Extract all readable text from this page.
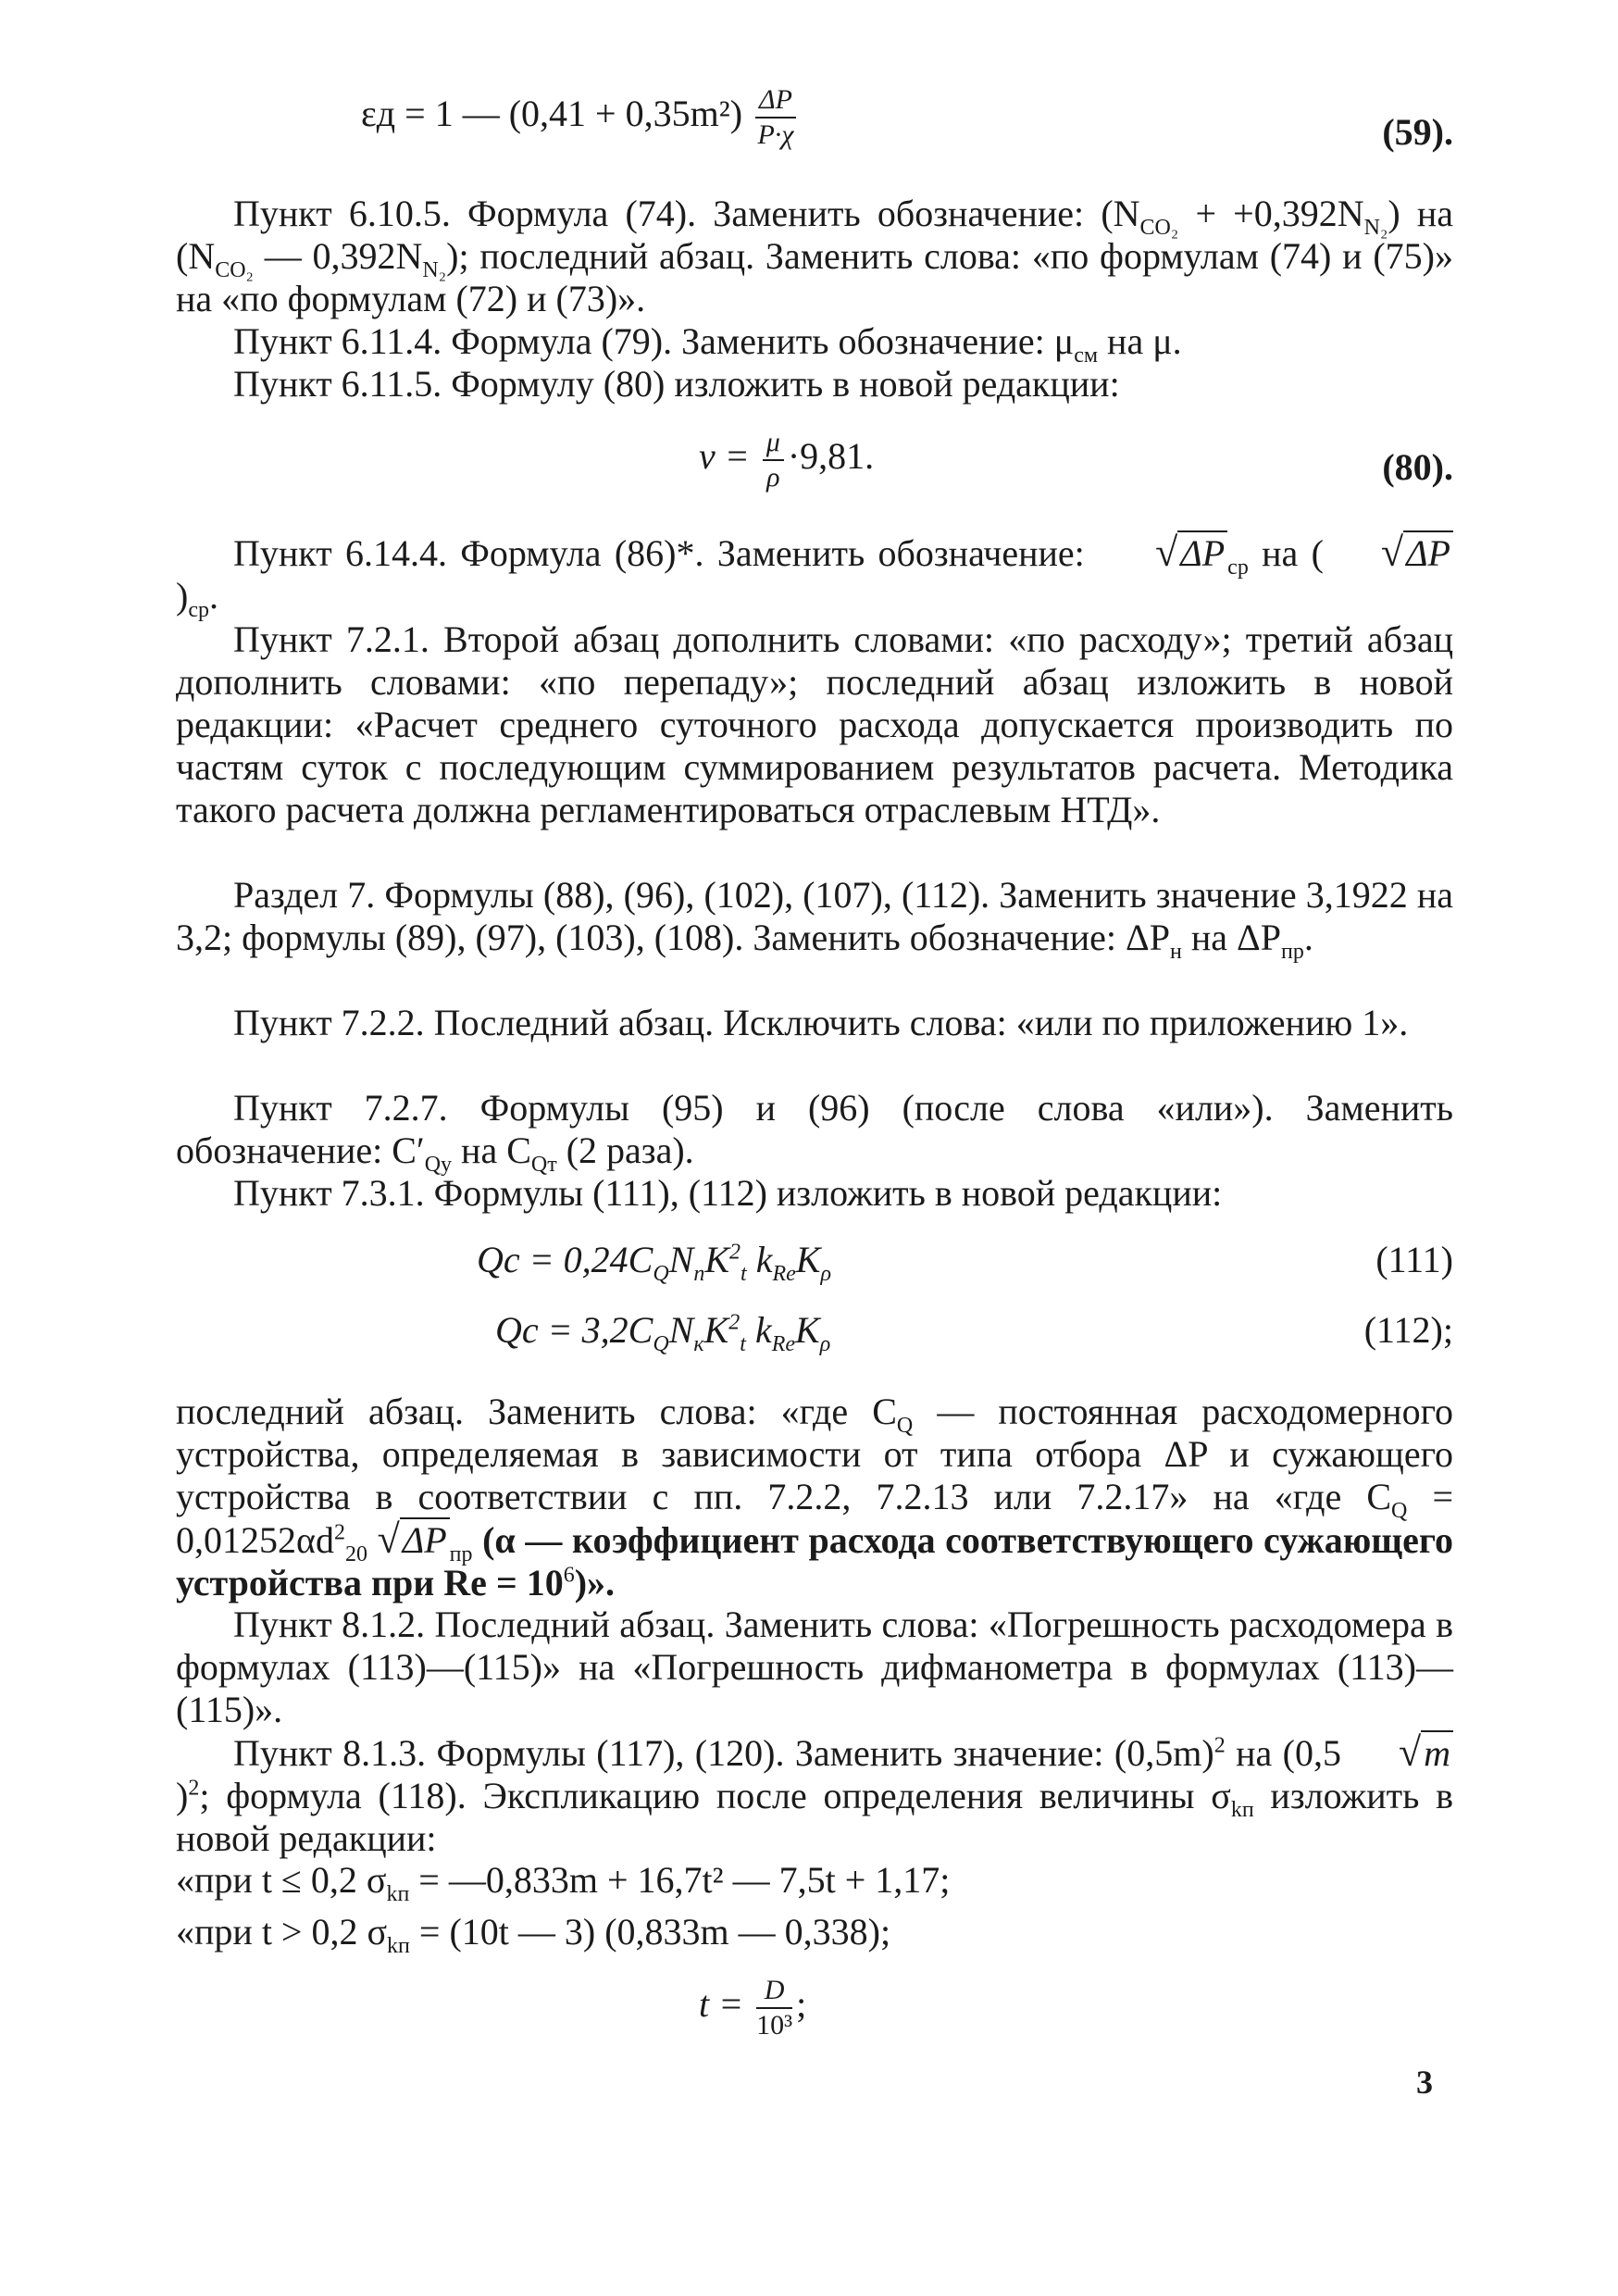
εд = 1 — $(0,41 + 0,35m^2) \frac{\Delta P}{P\cdot\chi}$	(59).
Пункт 6.10.5. Формула (74). Заменить обозначение: $(N_{CO_2} + +0,392N_{N_2})$ на ($N_{CO_2}$ — $0,392N_{N_2}$); последний абзац. Заменить слова: «по формулам (74) и (75)» на «по формулам (72) и (73)».
Пункт 6.11.4. Формула (79). Заменить обозначение: $\mu_{см}$ на μ.
Пункт 6.11.5. Формулу (80) изложить в новой редакции:
$\nu = \frac{\mu}{\rho} \cdot 9,81$.	(80).
Пункт 6.14.4. Формула (86)*. Заменить обозначение: √ΔP $_{ср}$ на ( $√\Delta P)_{ср}$.
Пункт 7.2.1. Второй абзац дополнить словами: «по расходу»; третий абзац дополнить словами: «по перепаду»; последний абзац изложить в новой редакции: «Расчет среднего суточного расхода допускается производить по частям суток с последующим суммированием результатов расчета. Методика такого расчета должна регламентироваться отраслевым НТД».
Раздел 7. Формулы (88), (96), (102), (107), (112). Заменить значение 3,1922 на 3,2; формулы (89), (97), (103), (108). Заменить обозначение: $\Delta P_н$ на $\Delta P_{пр}$.
Пункт 7.2.2. Последний абзац. Исключить слова: «или по приложению 1».
Пункт 7.2.7. Формулы (95) и (96) (после слова «или»). Заменить обозначение: $C'_{Qу}$ на $C_{Qт}$ (2 раза).
Пункт 7.3.1. Формулы (111), (112) изложить в новой редакции:
Qс = $0,24C_QN_пK^2_t$ $k_{Re}K_\rho$	(111)
Qс = $3,2C_QN_кK^2_t$ $k_{Re}K_\rho$	(112);
последний абзац. Заменить слова: «где $C_Q$ — постоянная расходомерного устройства, определяемая в зависимости от типа отбора ΔP и сужающего устройства в соответствии с пп. 7.2.2, 7.2.13 или 7.2.17» на «где $C_Q = 0,01252\alpha d^2_{20}$ √ΔP $_{пр}$ (α — коэффициент расхода соответствующего сужающего устройства при $Re = 10^6$)».
Пункт 8.1.2. Последний абзац. Заменить слова: «Погрешность расходомера в формулах (113)—(115)» на «Погрешность дифманометра в формулах (113)—(115)».
Пункт 8.1.3. Формулы (117), (120). Заменить значение: $(0,5m)^2$ на (0,5 √m)$^2$; формула (118). Экспликацию после определения величины $\sigma_{kп}$ изложить в новой редакции:
«при t ≤ 0,2 $\sigma_{kп}$ = —0,833m + 16,7t² — 7,5t + 1,17;
«при t > 0,2 $\sigma_{kп} = (10t$ — 3) (0,833m — 0,338);
$t = \frac{D}{\text{10³}}$ ;
3
